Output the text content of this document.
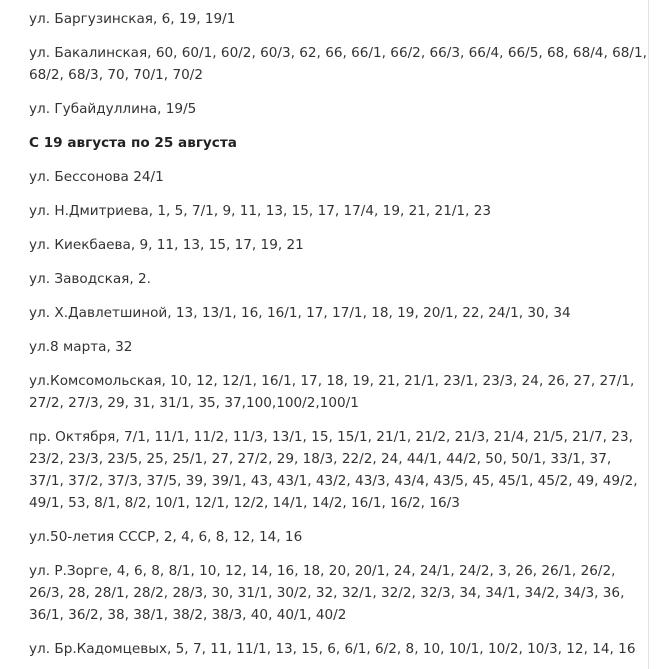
ул. Баргузинская, 6, 19, 19/1

ул. Бакалинская, 60, 60/1, 60/2, 60/3, 62, 66, 66/1, 66/2, 66/3, 66/4, 66/5, 68, 68/4, 68/1, 68/2, 68/3, 70, 70/1, 70/2

ул. Губайдуллина, 19/5

С 19 августа по 25 августа

ул. Бессонова 24/1

ул. Н.Дмитриева, 1, 5, 7/1, 9, 11, 13, 15, 17, 17/4, 19, 21, 21/1, 23

ул. Киекбаева, 9, 11, 13, 15, 17, 19, 21

ул. Заводская, 2.

ул. Х.Давлетшиной, 13, 13/1, 16, 16/1, 17, 17/1, 18, 19, 20/1, 22, 24/1, 30, 34

ул.8 марта, 32

ул.Комсомольская, 10, 12, 12/1, 16/1, 17, 18, 19, 21, 21/1, 23/1, 23/3, 24, 26, 27, 27/1, 27/2, 27/3, 29, 31, 31/1, 35, 37,100,100/2,100/1

пр. Октября, 7/1, 11/1, 11/2, 11/3, 13/1, 15, 15/1, 21/1, 21/2, 21/3, 21/4, 21/5, 21/7, 23, 23/2, 23/3, 23/5, 25, 25/1, 27, 27/2, 29, 18/3, 22/2, 24, 44/1, 44/2, 50, 50/1, 33/1, 37, 37/1, 37/2, 37/3, 37/5, 39, 39/1, 43, 43/1, 43/2, 43/3, 43/4, 43/5, 45, 45/1, 45/2, 49, 49/2, 49/1, 53, 8/1, 8/2, 10/1, 12/1, 12/2, 14/1, 14/2, 16/1, 16/2, 16/3

ул.50-летия СССР, 2, 4, 6, 8, 12, 14, 16

ул. Р.Зорге, 4, 6, 8, 8/1, 10, 12, 14, 16, 18, 20, 20/1, 24, 24/1, 24/2, 3, 26, 26/1, 26/2, 26/3, 28, 28/1, 28/2, 28/3, 30, 31/1, 30/2, 32, 32/1, 32/2, 32/3, 34, 34/1, 34/2, 34/3, 36, 36/1, 36/2, 38, 38/1, 38/2, 38/3, 40, 40/1, 40/2

ул. Бр.Кадомцевых, 5, 7, 11, 11/1, 13, 15, 6, 6/1, 6/2, 8, 10, 10/1, 10/2, 10/3, 12, 14, 16
